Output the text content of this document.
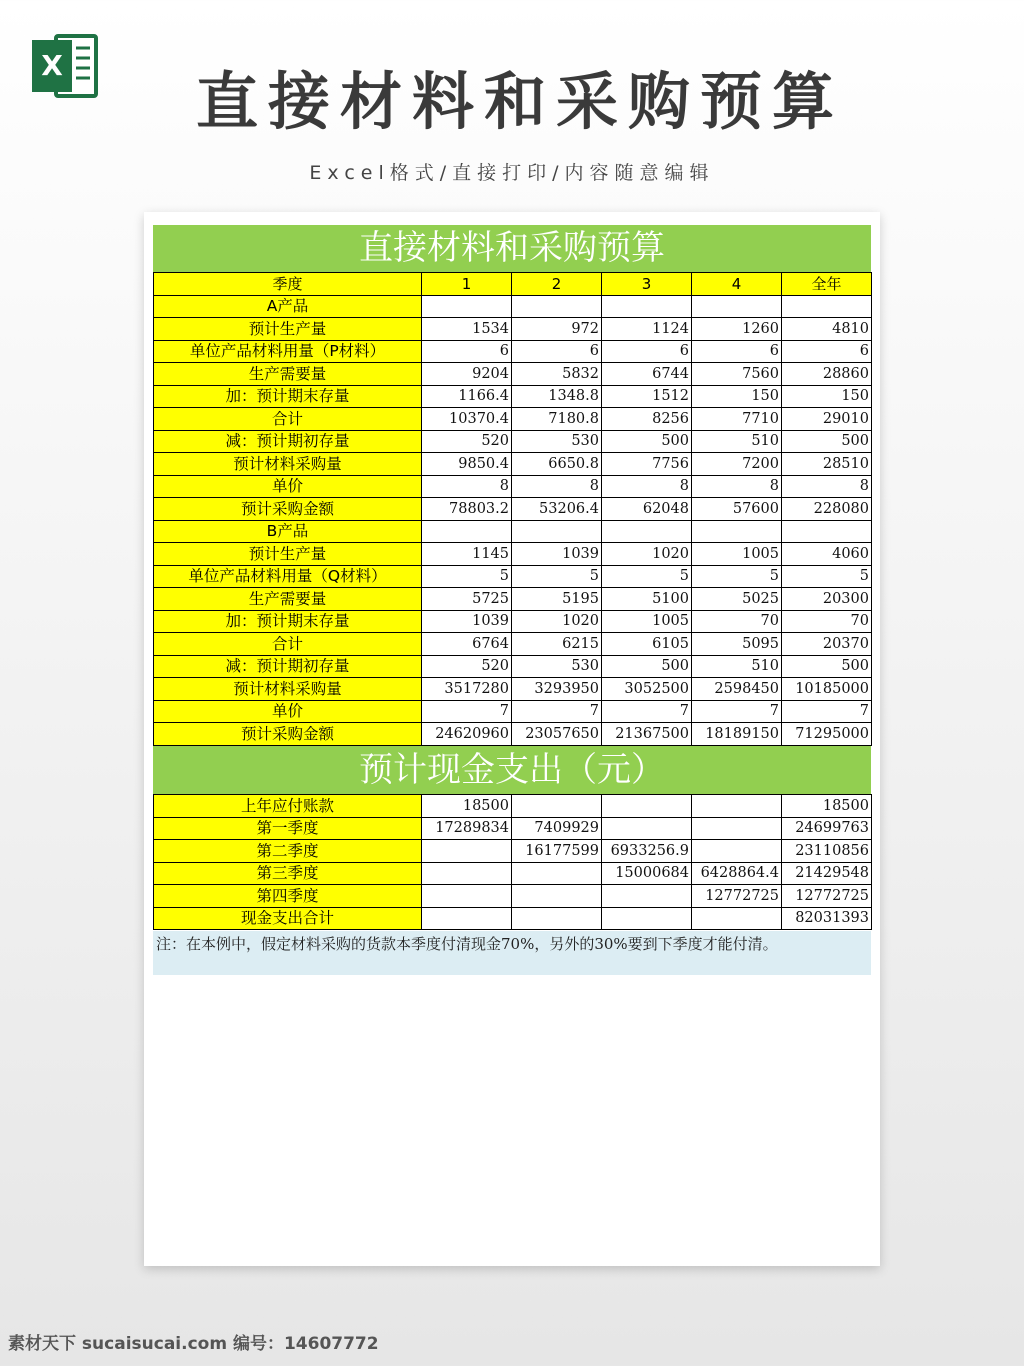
X	直接材料和采购预算
Excel格式/直接打印/内容随意编辑
直接材料和采购预算
季度	1	2	3	4	全年
A产品					
预计生产量	1534	972	1124	1260	4810
单位产品材料用量（P材料）	6	6	6	6	6
生产需要量	9204	5832	6744	7560	28860
加：预计期末存量	1166.4	1348.8	1512	150	150
合计	10370.4	7180.8	8256	7710	29010
减：预计期初存量	520	530	500	510	500
预计材料采购量	9850.4	6650.8	7756	7200	28510
单价	8	8	8	8	8
预计采购金额	78803.2	53206.4	62048	57600	228080
B产品					
预计生产量	1145	1039	1020	1005	4060
单位产品材料用量（Q材料）	5	5	5	5	5
生产需要量	5725	5195	5100	5025	20300
加：预计期末存量	1039	1020	1005	70	70
合计	6764	6215	6105	5095	20370
减：预计期初存量	520	530	500	510	500
预计材料采购量	3517280	3293950	3052500	2598450	10185000
单价	7	7	7	7	7
预计采购金额	24620960	23057650	21367500	18189150	71295000
预计现金支出（元）
上年应付账款	18500				18500
第一季度	17289834	7409929			24699763
第二季度		16177599	6933256.9		23110856
第三季度			15000684	6428864.4	21429548
第四季度				12772725	12772725
现金支出合计					82031393
注：在本例中，假定材料采购的货款本季度付清现金70%，另外的30%要到下季度才能付清。
素材天下 sucaisucai.com 编号：14607772
